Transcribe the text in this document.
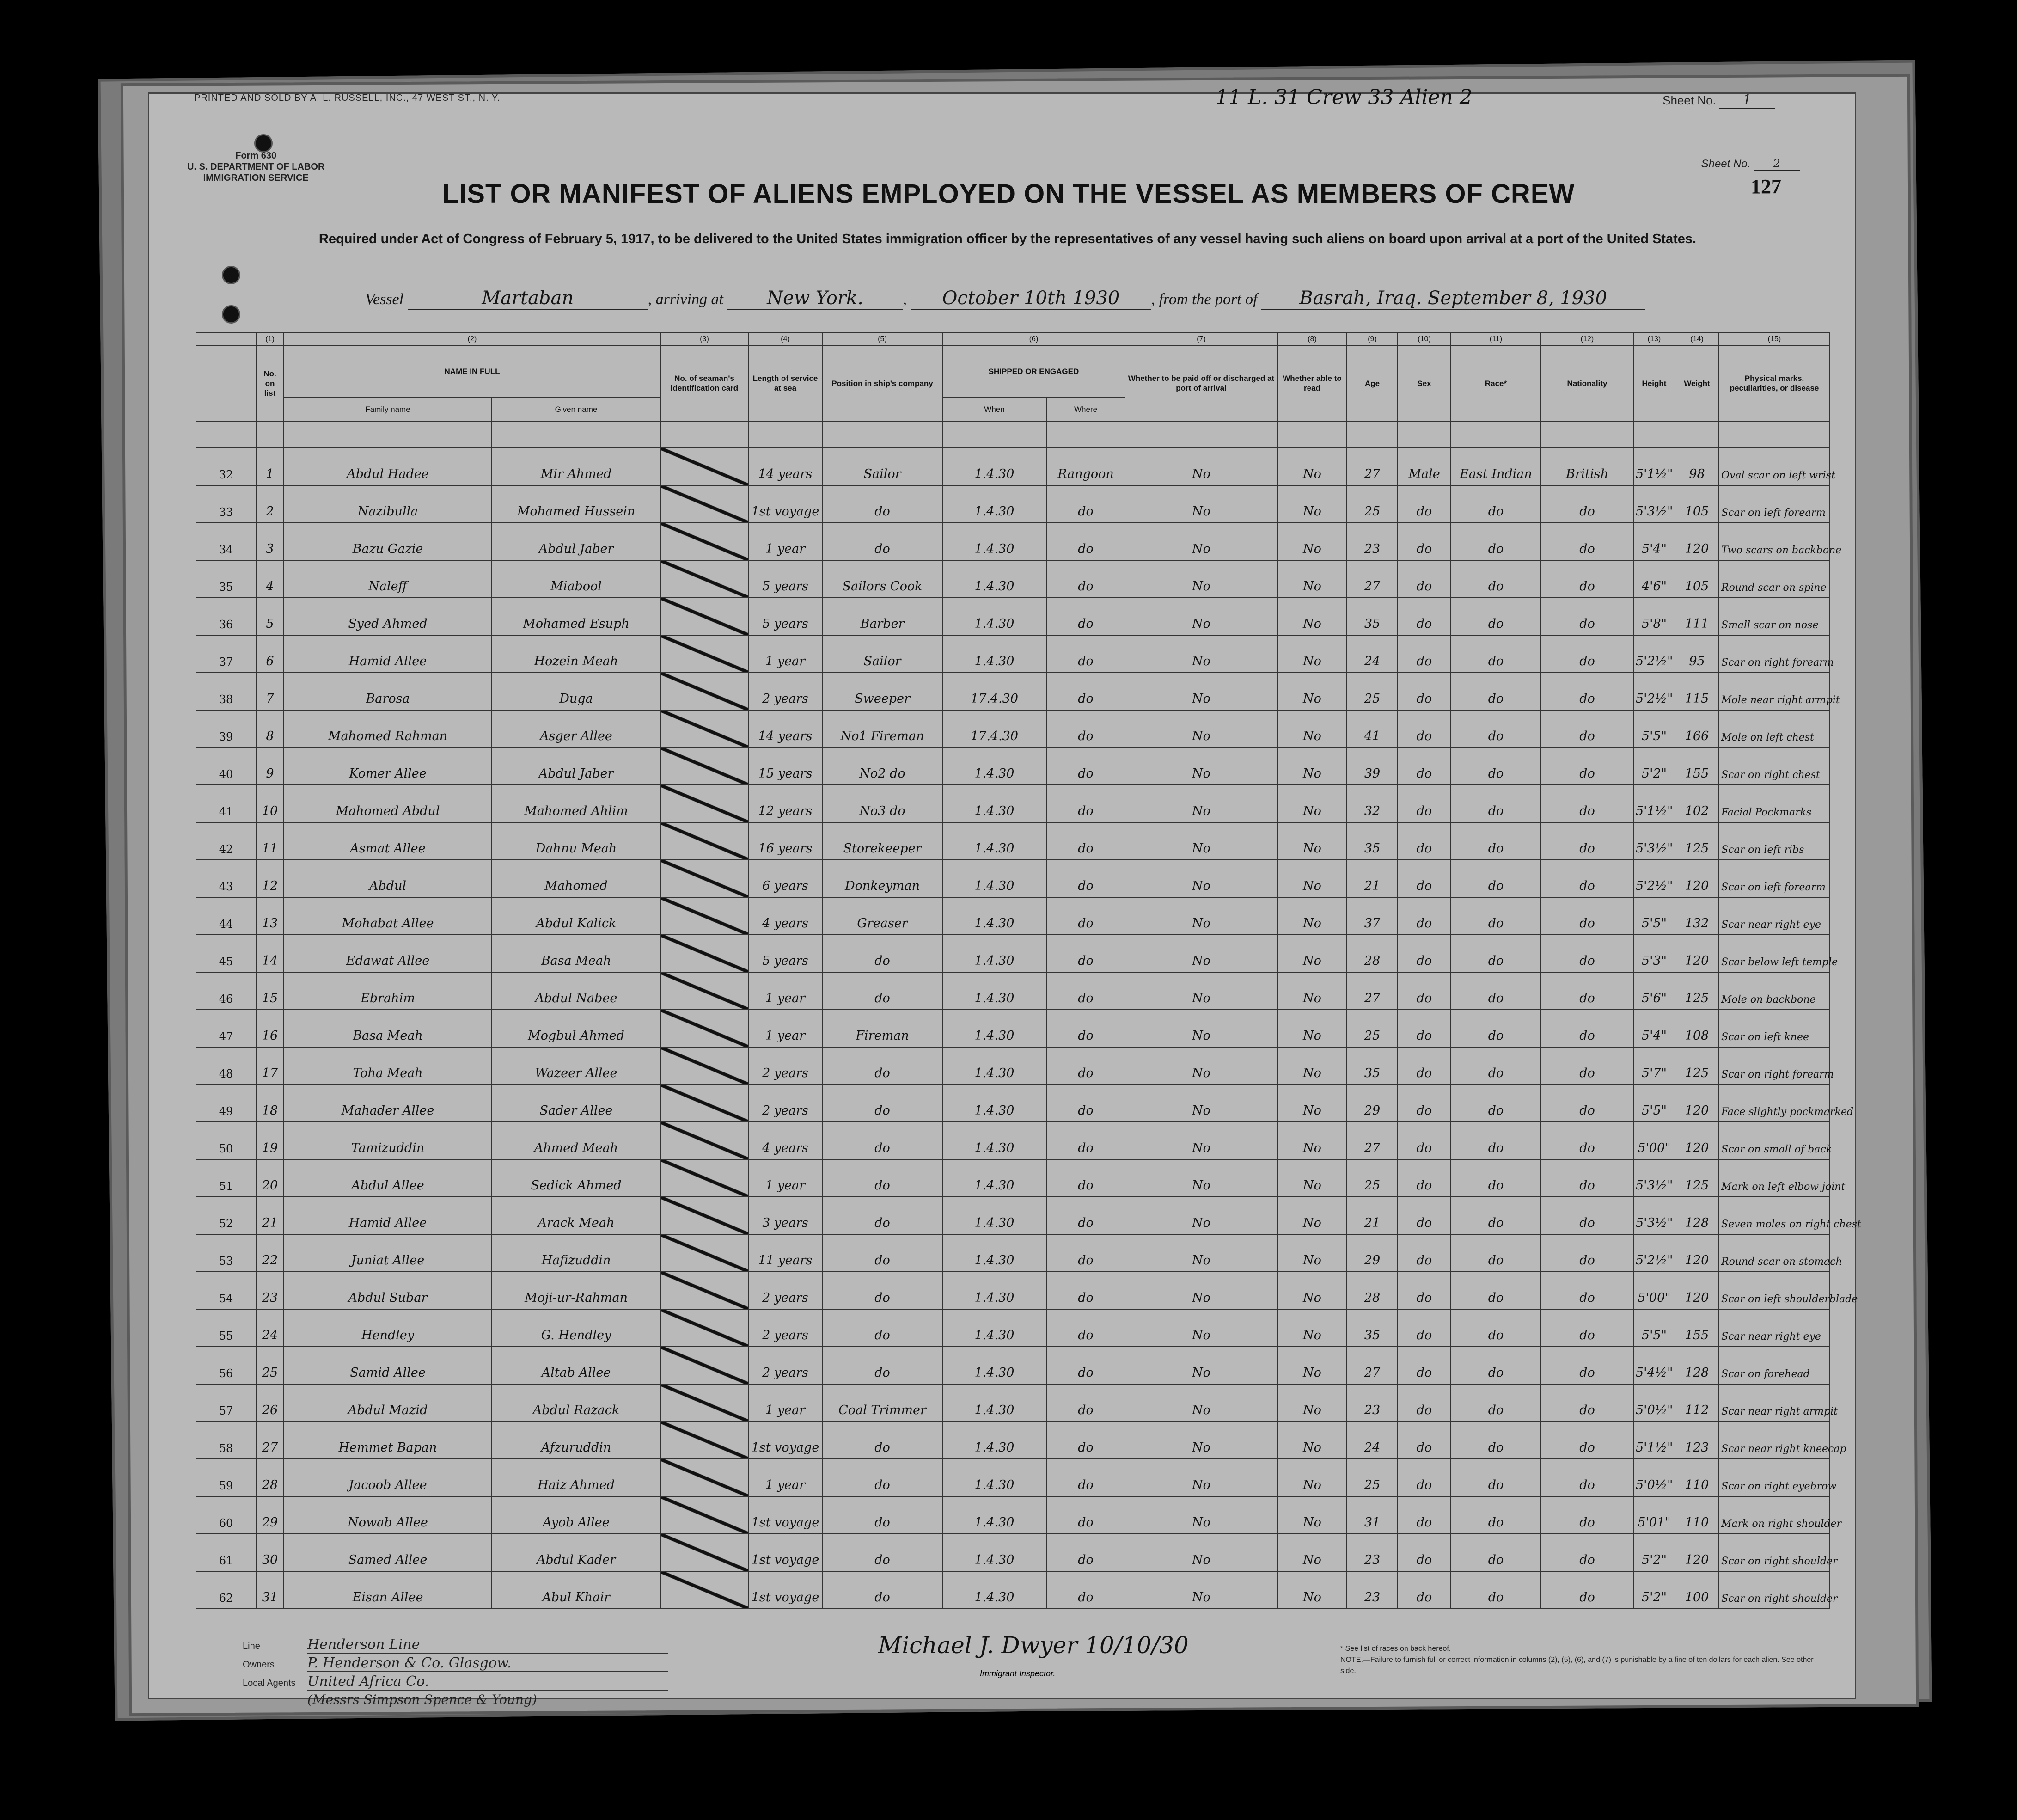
PRINTED AND SOLD BY A. L. RUSSELL, INC., 47 WEST ST., N. Y.	11 L. 31 Crew 33 Alien 2	Sheet No. 1
Form 630
U. S. DEPARTMENT OF LABOR
IMMIGRATION SERVICE
Sheet No. 2
127
LIST OR MANIFEST OF ALIENS EMPLOYED ON THE VESSEL AS MEMBERS OF CREW
Required under Act of Congress of February 5, 1917, to be delivered to the United States immigration officer by the representatives of any vessel having such aliens on board upon arrival at a port of the United States.
Vessel	Martaban	, arriving at New York.	, October 10th 1930 , from the port of Basrah, Iraq. September 8, 1930
	(1)	(2)		(3)	(4)	(5)	(6)		(7)	(8)	(9)	(10)	(11)	(12)	(13)	(14)	(15)
	No. on list	NAME IN FULL		No. of seaman's identification card	Length of service at sea	Position in ship's company	SHIPPED OR ENGAGED		Whether to be paid off or discharged at port of arrival	Whether able to read	Age	Sex	Race*	Nationality	Height	Weight	Physical marks, peculiarities, or disease
		Family name	Given name				When	Where									

32	1	Abdul Hadee	Mir Ahmed		14 years	Sailor	1.4.30	Rangoon	No	No	27	Male	East Indian	British	5'1½"	98	Oval scar on left wrist
33	2	Nazibulla	Mohamed Hussein		1st voyage	do	1.4.30	do	No	No	25	do	do	do	5'3½"	105	Scar on left forearm
34	3	Bazu Gazie	Abdul Jaber		1 year	do	1.4.30	do	No	No	23	do	do	do	5'4"	120	Two scars on backbone
35	4	Naleff	Miabool		5 years	Sailors Cook	1.4.30	do	No	No	27	do	do	do	4'6"	105	Round scar on spine
36	5	Syed Ahmed	Mohamed Esuph		5 years	Barber	1.4.30	do	No	No	35	do	do	do	5'8"	111	Small scar on nose
37	6	Hamid Allee	Hozein Meah		1 year	Sailor	1.4.30	do	No	No	24	do	do	do	5'2½"	95	Scar on right forearm
38	7	Barosa	Duga		2 years	Sweeper	17.4.30	do	No	No	25	do	do	do	5'2½"	115	Mole near right armpit
39	8	Mahomed Rahman	Asger Allee		14 years	No1 Fireman	17.4.30	do	No	No	41	do	do	do	5'5"	166	Mole on left chest
40	9	Komer Allee	Abdul Jaber		15 years	No2 do	1.4.30	do	No	No	39	do	do	do	5'2"	155	Scar on right chest
41	10	Mahomed Abdul	Mahomed Ahlim		12 years	No3 do	1.4.30	do	No	No	32	do	do	do	5'1½"	102	Facial Pockmarks
42	11	Asmat Allee	Dahnu Meah		16 years	Storekeeper	1.4.30	do	No	No	35	do	do	do	5'3½"	125	Scar on left ribs
43	12	Abdul	Mahomed		6 years	Donkeyman	1.4.30	do	No	No	21	do	do	do	5'2½"	120	Scar on left forearm
44	13	Mohabat Allee	Abdul Kalick		4 years	Greaser	1.4.30	do	No	No	37	do	do	do	5'5"	132	Scar near right eye
45	14	Edawat Allee	Basa Meah		5 years	do	1.4.30	do	No	No	28	do	do	do	5'3"	120	Scar below left temple
46	15	Ebrahim	Abdul Nabee		1 year	do	1.4.30	do	No	No	27	do	do	do	5'6"	125	Mole on backbone
47	16	Basa Meah	Mogbul Ahmed		1 year	Fireman	1.4.30	do	No	No	25	do	do	do	5'4"	108	Scar on left knee
48	17	Toha Meah	Wazeer Allee		2 years	do	1.4.30	do	No	No	35	do	do	do	5'7"	125	Scar on right forearm
49	18	Mahader Allee	Sader Allee		2 years	do	1.4.30	do	No	No	29	do	do	do	5'5"	120	Face slightly pockmarked
50	19	Tamizuddin	Ahmed Meah		4 years	do	1.4.30	do	No	No	27	do	do	do	5'00"	120	Scar on small of back
51	20	Abdul Allee	Sedick Ahmed		1 year	do	1.4.30	do	No	No	25	do	do	do	5'3½"	125	Mark on left elbow joint
52	21	Hamid Allee	Arack Meah		3 years	do	1.4.30	do	No	No	21	do	do	do	5'3½"	128	Seven moles on right chest
53	22	Juniat Allee	Hafizuddin		11 years	do	1.4.30	do	No	No	29	do	do	do	5'2½"	120	Round scar on stomach
54	23	Abdul Subar	Moji-ur-Rahman		2 years	do	1.4.30	do	No	No	28	do	do	do	5'00"	120	Scar on left shoulderblade
55	24	Hendley	G. Hendley		2 years	do	1.4.30	do	No	No	35	do	do	do	5'5"	155	Scar near right eye
56	25	Samid Allee	Altab Allee		2 years	do	1.4.30	do	No	No	27	do	do	do	5'4½"	128	Scar on forehead
57	26	Abdul Mazid	Abdul Razack		1 year	Coal Trimmer	1.4.30	do	No	No	23	do	do	do	5'0½"	112	Scar near right armpit
58	27	Hemmet Bapan	Afzuruddin		1st voyage	do	1.4.30	do	No	No	24	do	do	do	5'1½"	123	Scar near right kneecap
59	28	Jacoob Allee	Haiz Ahmed		1 year	do	1.4.30	do	No	No	25	do	do	do	5'0½"	110	Scar on right eyebrow
60	29	Nowab Allee	Ayob Allee		1st voyage	do	1.4.30	do	No	No	31	do	do	do	5'01"	110	Mark on right shoulder
61	30	Samed Allee	Abdul Kader		1st voyage	do	1.4.30	do	No	No	23	do	do	do	5'2"	120	Scar on right shoulder
62	31	Eisan Allee	Abul Khair		1st voyage	do	1.4.30	do	No	No	23	do	do	do	5'2"	100	Scar on right shoulder
Line	Henderson Line
Owners P. Henderson & Co. Glasgow.
Local Agents United Africa Co.
(Messrs Simpson Spence & Young)
Michael J. Dwyer 10/10/30
Immigrant Inspector.
* See list of races on back hereof.
NOTE.—Failure to furnish full or correct information in columns (2), (5), (6), and (7) is punishable by a fine of ten dollars for each alien. See other side.
